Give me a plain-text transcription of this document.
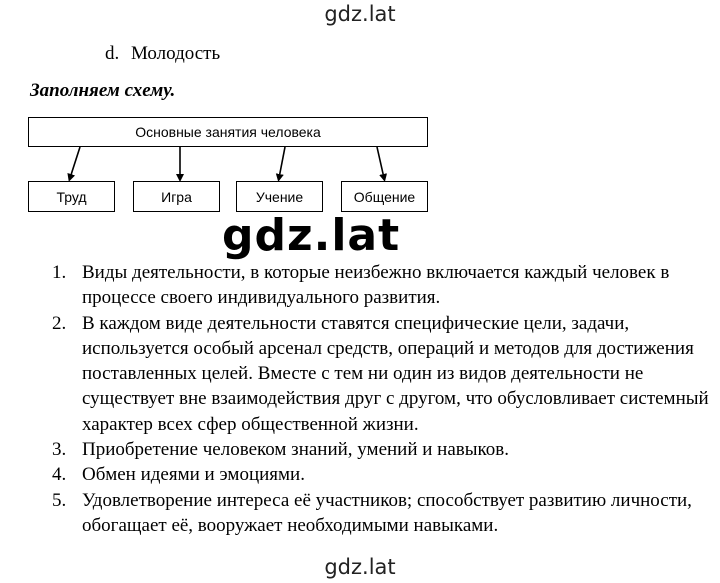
gdz.lat
d. Молодость
Заполняем схему.
Основные занятия человека
Труд	Игра	Учение	Общение
gdz.lat
1. Виды деятельности, в которые неизбежно включается каждый человек в процессе своего индивидуального развития.
2. В каждом виде деятельности ставятся специфические цели, задачи, используется особый арсенал средств, операций и методов для достижения поставленных целей. Вместе с тем ни один из видов деятельности не существует вне взаимодействия друг с другом, что обусловливает системный характер всех сфер общественной жизни.
3. Приобретение человеком знаний, умений и навыков.
4. Обмен идеями и эмоциями.
5. Удовлетворение интереса её участников; способствует развитию личности, обогащает её, вооружает необходимыми навыками.
gdz.lat
